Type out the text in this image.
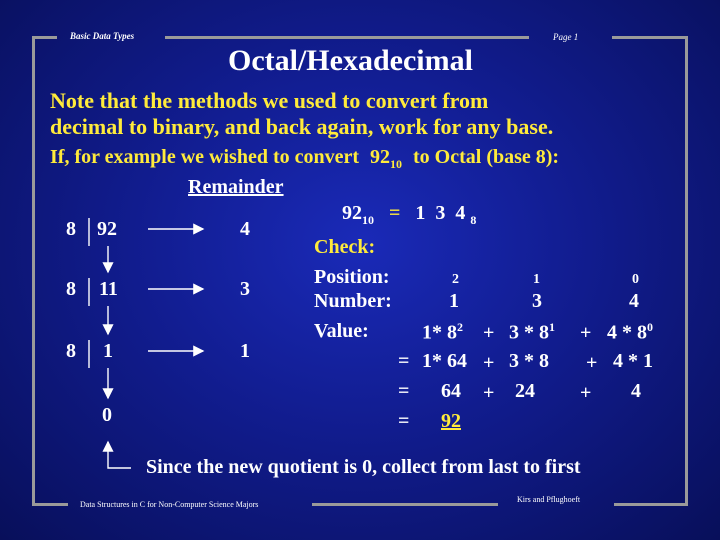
Basic Data Types	Page 1
Octal/Hexadecimal
Note that the methods we used to convert from
decimal to binary, and back again, work for any base.
If, for example we wished to convert $92_{10}$ to Octal (base 8):
Remainder
8 92	4
8 11	3
8 1	1
0
$92_{10} = 1$  3  4 $_8$
Check:
Position:	2	1	0
Number:	1	3	4
Value:	1* $8^2 + 3 * 8^1 + 4 * 8^0$
= 1* 64 + 3 * 8 + 4 * 1
= 64 + 24 + 4
= 92
Since the new quotient is 0, collect from last to first
Data Structures in C for Non-Computer Science Majors
Kirs and Pflughoeft
